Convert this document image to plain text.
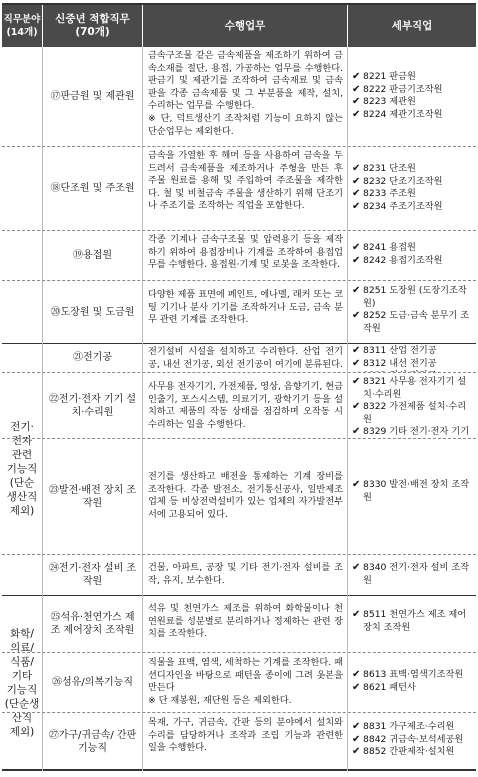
직무분야
(14개)
신중년 적합직무
(70개)
수행업무	세부직업
전기·
전자
관련
기능직
(단순
생산직
제외)
화학/
의료/
식품/
기타
기능직
(단순생
산직
제외)
⑰판금원 및 제관원
금속구조물 같은 금속제품을 제조하기 위하여 금속소재를 절단, 용접, 가공하는 업무를 수행한다. 판금기 및 제관기를 조작하여 금속재료 및 금속판을 각종 금속제품 및 그 부분품을 제작, 설치, 수리하는 업무를 수행한다.
※ 단, 덕트생산기 조작처럼 기능이 요하지 않는 단순업무는 제외한다.
✔ 8221 판금원
✔ 8222 판금기조작원
✔ 8223 제관원
✔ 8224 제관기조작원
⑱단조원 및 주조원
금속을 가열한 후 해머 등을 사용하여 금속을 두드려서 금속제품을 제조하거나 주형을 만든 후 주물 원료를 용해 및 주입하여 주조물을 제작한다. 철 및 비철금속 주물을 생산하기 위해 단조기나 주조기를 조작하는 직업을 포함한다.
✔ 8231 단조원
✔ 8232 단조기조작원
✔ 8233 주조원
✔ 8234 주조기조작원
⑲용접원
각종 기계나 금속구조물 및 압력용기 등을 제작하기 위하여 용접장비나 기계를 조작하여 용접업무를 수행한다. 용접원·기계 및 로봇을 조작한다.
✔ 8241 용접원
✔ 8242 용접기조작원
⑳도장원 및 도금원
다양한 제품 표면에 페인트, 에나멜, 래커 또는 코팅 기기나 분사 기기를 조작하거나 도금, 금속 분무 관련 기계를 조작한다.
✔ 8251 도장원 (도장기조작원)
✔ 8252 도금·금속 분무기 조작원
㉑전기공
전기설비 시설을 설치하고 수리한다. 산업 전기공, 내선 전기공, 외선 전기공이 여기에 분류된다.
✔ 8311 산업 전기공
✔ 8312 내선 전기공
㉒전기·전자 기기 설치·수리원
사무용 전자기기, 가전제품, 영상, 음향기기, 현금인출기, 포스시스템, 의료기기, 광학기기 등을 설치하고 제품의 작동 상태를 점검하며 오작동 시 수리하는 일을 수행한다.
✔ 8321 사무용 전자기기 설치·수리원
✔ 8322 가전제품 설치·수리원
✔ 8329 기타 전기·전자 기기
㉓발전·배전 장치 조작원
전기를 생산하고 배전을 통제하는 기계 장비를 조작한다. 각종 발전소, 전기통신공사, 일반제조업체 등 비상전력설비가 있는 업체의 자가발전부서에 고용되어 있다.
✔ 8330 발전·배전 장치 조작원
㉔전기·전자 설비 조작원
건물, 아파트, 공장 및 기타 전기·전자 설비를 조작, 유지, 보수한다.
✔ 8340 전기·전자 설비 조작원
㉕석유·천연가스 제조 제어장치 조작원
석유 및 천연가스 제조를 위하여 화학물이나 천연원료를 성분별로 분리하거나 정제하는 관련 장치를 조작한다.
✔ 8511 천연가스 제조 제어장치 조작원
㉖섬유/의복기능직
직물을 표백, 염색, 세척하는 기계를 조작한다. 패션디자인을 바탕으로 패턴을 종이에 그려 옷본을 만든다
※ 단 재봉원, 재단원 등은 제외한다.
✔ 8613 표백·염색기조작원
✔ 8621 패턴사
㉗가구/귀금속/ 간판 기능직
목재, 가구, 귀금속, 간판 등의 분야에서 설치와 수리를 담당하거나 조작과 조립 기능과 관련한 일을 수행한다.
✔ 8831 가구제조·수리원
✔ 8842 귀금속·보석세공원
✔ 8852 간판제작·설치원
